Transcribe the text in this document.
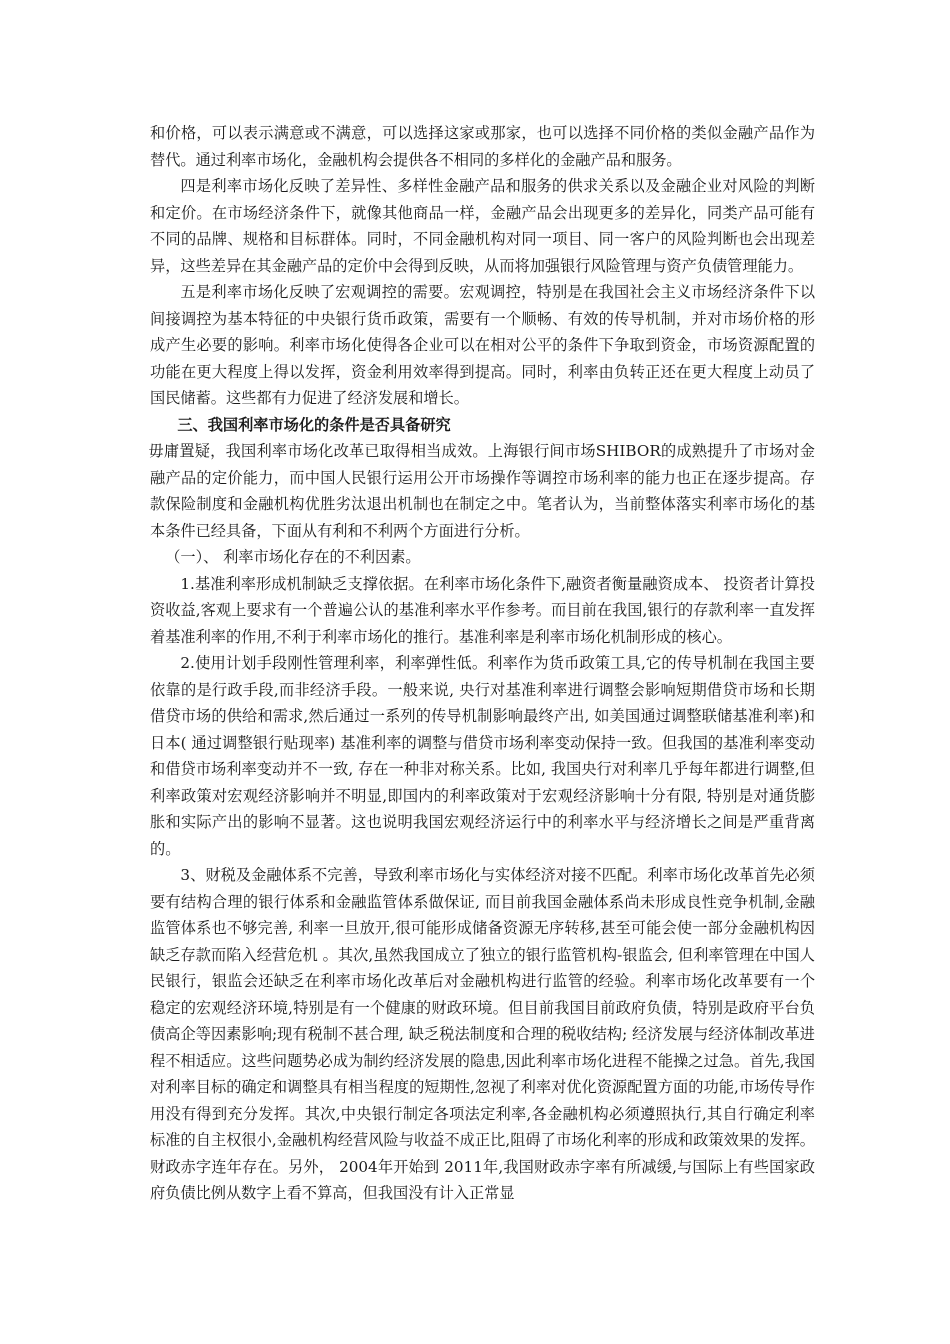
和价格，可以表示满意或不满意，可以选择这家或那家，也可以选择不同价格的类似金融产品作为替代。通过利率市场化，金融机构会提供各不相同的多样化的金融产品和服务。

四是利率市场化反映了差异性、多样性金融产品和服务的供求关系以及金融企业对风险的判断和定价。在市场经济条件下，就像其他商品一样，金融产品会出现更多的差异化，同类产品可能有不同的品牌、规格和目标群体。同时，不同金融机构对同一项目、同一客户的风险判断也会出现差异，这些差异在其金融产品的定价中会得到反映，从而将加强银行风险管理与资产负债管理能力。

五是利率市场化反映了宏观调控的需要。宏观调控，特别是在我国社会主义市场经济条件下以间接调控为基本特征的中央银行货币政策，需要有一个顺畅、有效的传导机制，并对市场价格的形成产生必要的影响。利率市场化使得各企业可以在相对公平的条件下争取到资金，市场资源配置的功能在更大程度上得以发挥，资金利用效率得到提高。同时，利率由负转正还在更大程度上动员了国民储蓄。这些都有力促进了经济发展和增长。

三、我国利率市场化的条件是否具备研究

毋庸置疑，我国利率市场化改革已取得相当成效。上海银行间市场SHIBOR的成熟提升了市场对金融产品的定价能力，而中国人民银行运用公开市场操作等调控市场利率的能力也正在逐步提高。存款保险制度和金融机构优胜劣汰退出机制也在制定之中。笔者认为，当前整体落实利率市场化的基本条件已经具备，下面从有利和不利两个方面进行分析。

（一）、 利率市场化存在的不利因素。

1.基准利率形成机制缺乏支撑依据。在利率市场化条件下,融资者衡量融资成本、 投资者计算投资收益,客观上要求有一个普遍公认的基准利率水平作参考。而目前在我国,银行的存款利率一直发挥着基准利率的作用,不利于利率市场化的推行。基准利率是利率市场化机制形成的核心。

2.使用计划手段刚性管理利率，利率弹性低。利率作为货币政策工具,它的传导机制在我国主要依靠的是行政手段,而非经济手段。一般来说, 央行对基准利率进行调整会影响短期借贷市场和长期借贷市场的供给和需求,然后通过一系列的传导机制影响最终产出, 如美国通过调整联储基准利率)和日本( 通过调整银行贴现率) 基准利率的调整与借贷市场利率变动保持一致。但我国的基准利率变动和借贷市场利率变动并不一致, 存在一种非对称关系。比如, 我国央行对利率几乎每年都进行调整,但利率政策对宏观经济影响并不明显,即国内的利率政策对于宏观经济影响十分有限, 特别是对通货膨胀和实际产出的影响不显著。这也说明我国宏观经济运行中的利率水平与经济增长之间是严重背离的。

3、财税及金融体系不完善，导致利率市场化与实体经济对接不匹配。利率市场化改革首先必须要有结构合理的银行体系和金融监管体系做保证, 而目前我国金融体系尚未形成良性竞争机制,金融监管体系也不够完善, 利率一旦放开,很可能形成储备资源无序转移,甚至可能会使一部分金融机构因缺乏存款而陷入经营危机 。其次,虽然我国成立了独立的银行监管机构-银监会, 但利率管理在中国人民银行，银监会还缺乏在利率市场化改革后对金融机构进行监管的经验。利率市场化改革要有一个稳定的宏观经济环境,特别是有一个健康的财政环境。但目前我国目前政府负债，特别是政府平台负债高企等因素影响;现有税制不甚合理, 缺乏税法制度和合理的税收结构; 经济发展与经济体制改革进程不相适应。这些问题势必成为制约经济发展的隐患,因此利率市场化进程不能操之过急。首先,我国对利率目标的确定和调整具有相当程度的短期性,忽视了利率对优化资源配置方面的功能,市场传导作用没有得到充分发挥。其次,中央银行制定各项法定利率,各金融机构必须遵照执行,其自行确定利率标准的自主权很小,金融机构经营风险与收益不成正比,阻碍了市场化利率的形成和政策效果的发挥。财政赤字连年存在。另外， 2004年开始到 2011年,我国财政赤字率有所减缓,与国际上有些国家政府负债比例从数字上看不算高，但我国没有计入正常显
